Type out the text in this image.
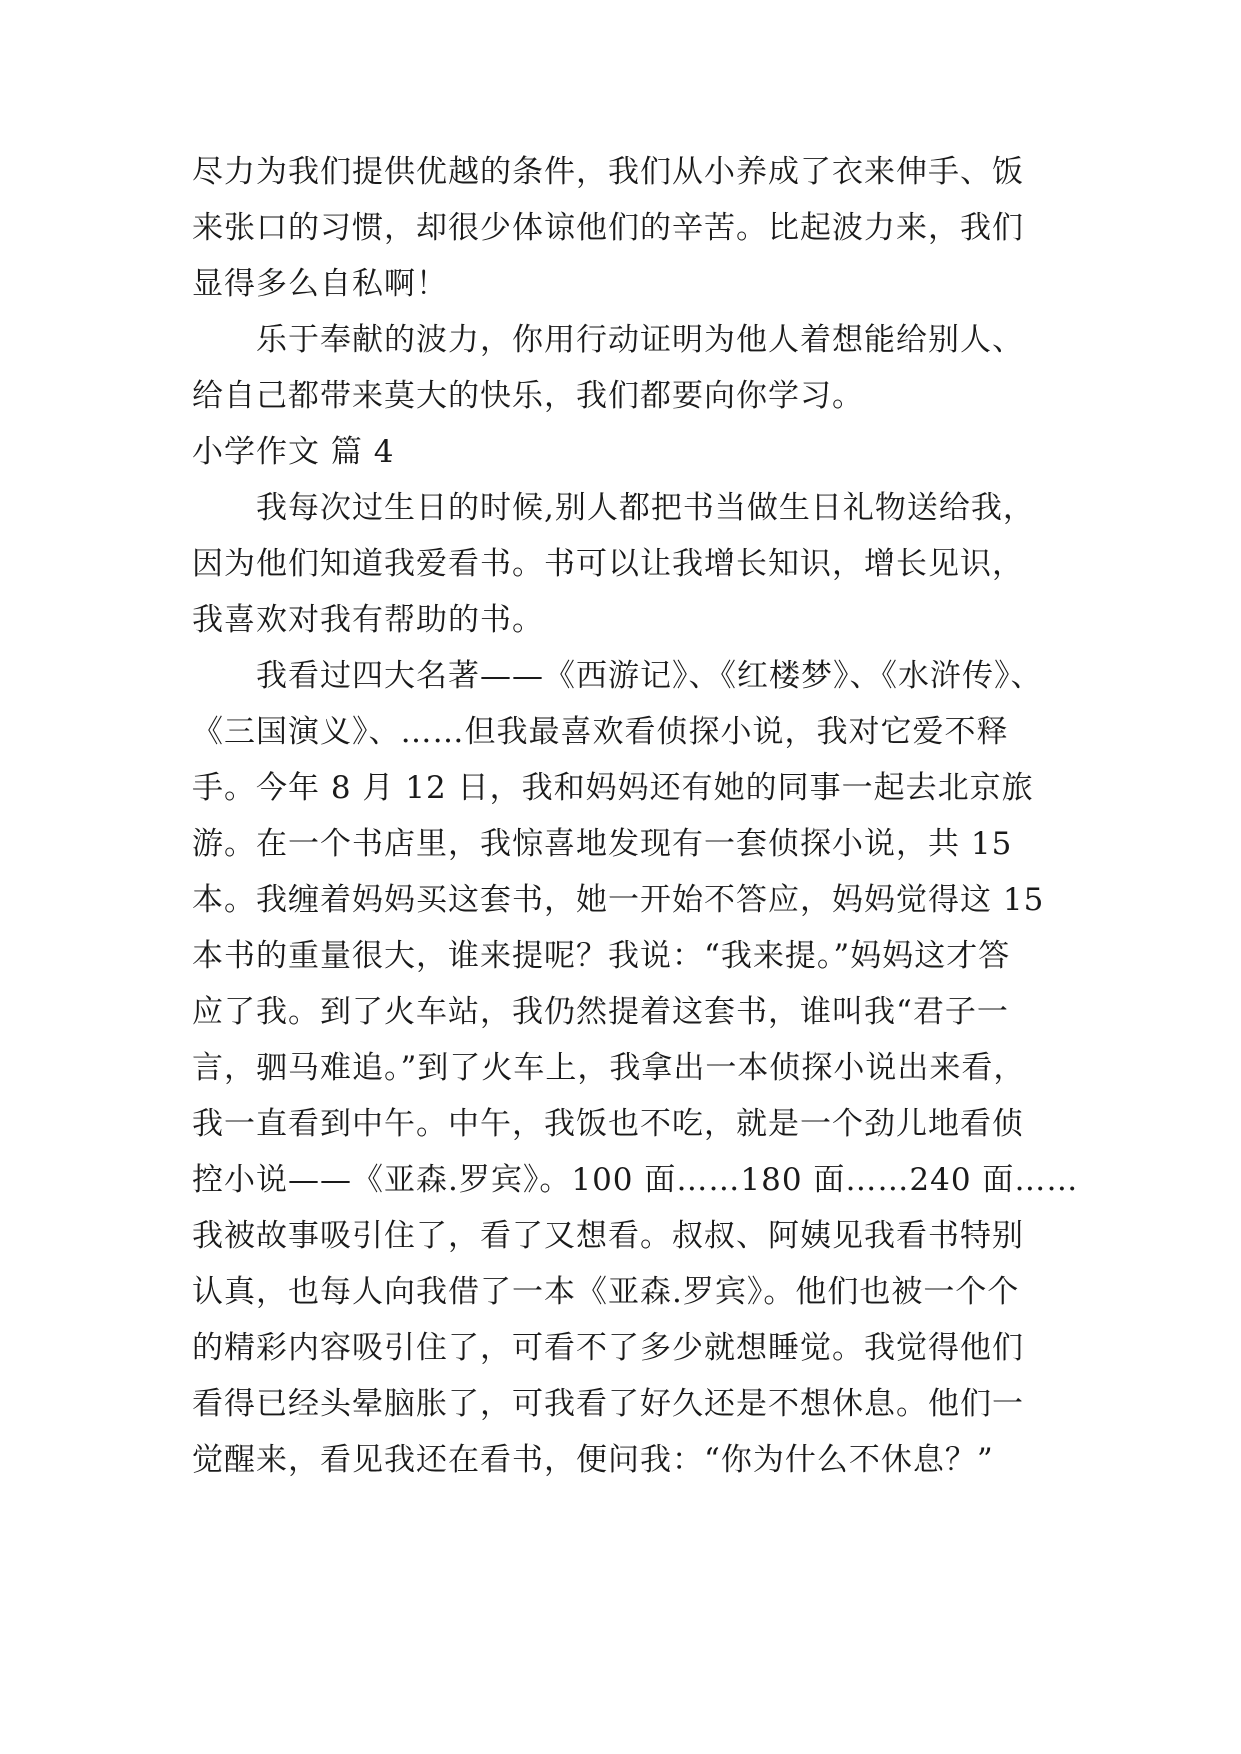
尽力为我们提供优越的条件，我们从小养成了衣来伸手、饭
来张口的习惯，却很少体谅他们的辛苦。比起波力来，我们
显得多么自私啊！
乐于奉献的波力，你用行动证明为他人着想能给别人、
给自己都带来莫大的快乐，我们都要向你学习。
小学作文 篇 4
我每次过生日的时候,别人都把书当做生日礼物送给我，
因为他们知道我爱看书。书可以让我增长知识，增长见识，
我喜欢对我有帮助的书。
我看过四大名著——《西游记》、《红楼梦》、《水浒传》、
《三国演义》、……但我最喜欢看侦探小说，我对它爱不释
手。今年 8 月 12 日，我和妈妈还有她的同事一起去北京旅
游。在一个书店里，我惊喜地发现有一套侦探小说，共 15
本。我缠着妈妈买这套书，她一开始不答应，妈妈觉得这 15
本书的重量很大，谁来提呢？我说：“我来提。”妈妈这才答
应了我。到了火车站，我仍然提着这套书，谁叫我“君子一
言，驷马难追。”到了火车上，我拿出一本侦探小说出来看，
我一直看到中午。中午，我饭也不吃，就是一个劲儿地看侦
控小说——《亚森.罗宾》。100 面……180 面……240 面……
我被故事吸引住了，看了又想看。叔叔、阿姨见我看书特别
认真，也每人向我借了一本《亚森.罗宾》。他们也被一个个
的精彩内容吸引住了，可看不了多少就想睡觉。我觉得他们
看得已经头晕脑胀了，可我看了好久还是不想休息。他们一
觉醒来，看见我还在看书，便问我：“你为什么不休息？”
